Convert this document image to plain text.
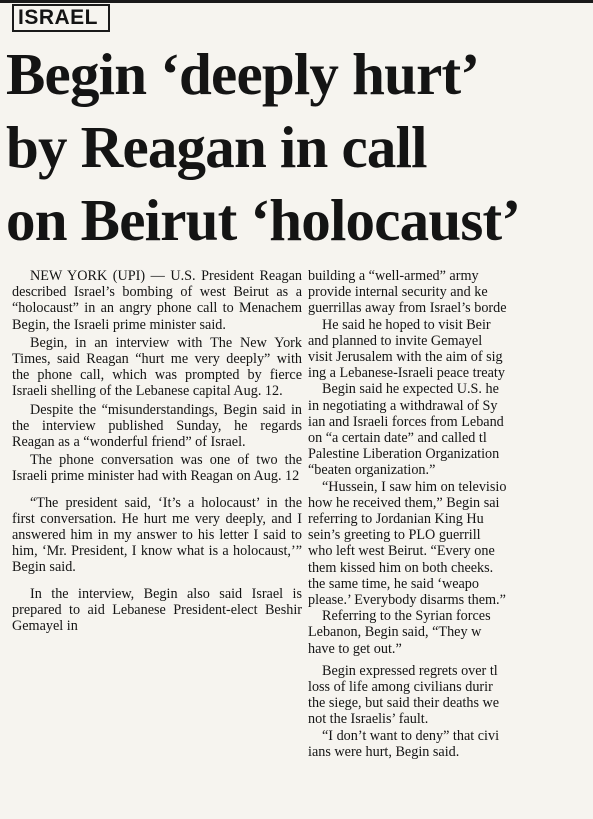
ISRAEL
Begin ‘deeply hurt’
by Reagan in call
on Beirut ‘holocaust’
NEW YORK (UPI) — U.S. President Reagan described Israel’s bombing of west Beirut as a “holocaust” in an angry phone call to Menachem Begin, the Israeli prime minister said.
Begin, in an interview with The New York Times, said Reagan “hurt me very deeply” with the phone call, which was prompted by fierce Israeli shelling of the Lebanese capital Aug. 12.
Despite the “misunderstandings, Begin said in the interview published Sunday, he regards Reagan as a “wonderful friend” of Israel.
The phone conversation was one of two the Israeli prime minister had with Reagan on Aug. 12
“The president said, ‘It’s a holocaust’ in the first conversation. He hurt me very deeply, and I answered him in my answer to his letter I said to him, ‘Mr. President, I know what is a holocaust,’” Begin said.
In the interview, Begin also said Israel is prepared to aid Lebanese President-elect Beshir Gemayel in
building a “well-armed” army
provide internal security and ke
guerrillas away from Israel’s borde
He said he hoped to visit Beir
and planned to invite Gemayel
visit Jerusalem with the aim of sig
ing a Lebanese-Israeli peace treaty
Begin said he expected U.S. he
in negotiating a withdrawal of Sy
ian and Israeli forces from Leband
on “a certain date” and called tl
Palestine Liberation Organization
“beaten organization.”
“Hussein, I saw him on televisio
how he received them,” Begin sai
referring to Jordanian King Hu
sein’s greeting to PLO guerrill
who left west Beirut. “Every one
them kissed him on both cheeks.
the same time, he said ‘weapo
please.’ Everybody disarms them.”
Referring to the Syrian forces
Lebanon, Begin said, “They w
have to get out.”
Begin expressed regrets over tl
loss of life among civilians durir
the siege, but said their deaths we
not the Israelis’ fault.
“I don’t want to deny” that civi
ians were hurt, Begin said.
